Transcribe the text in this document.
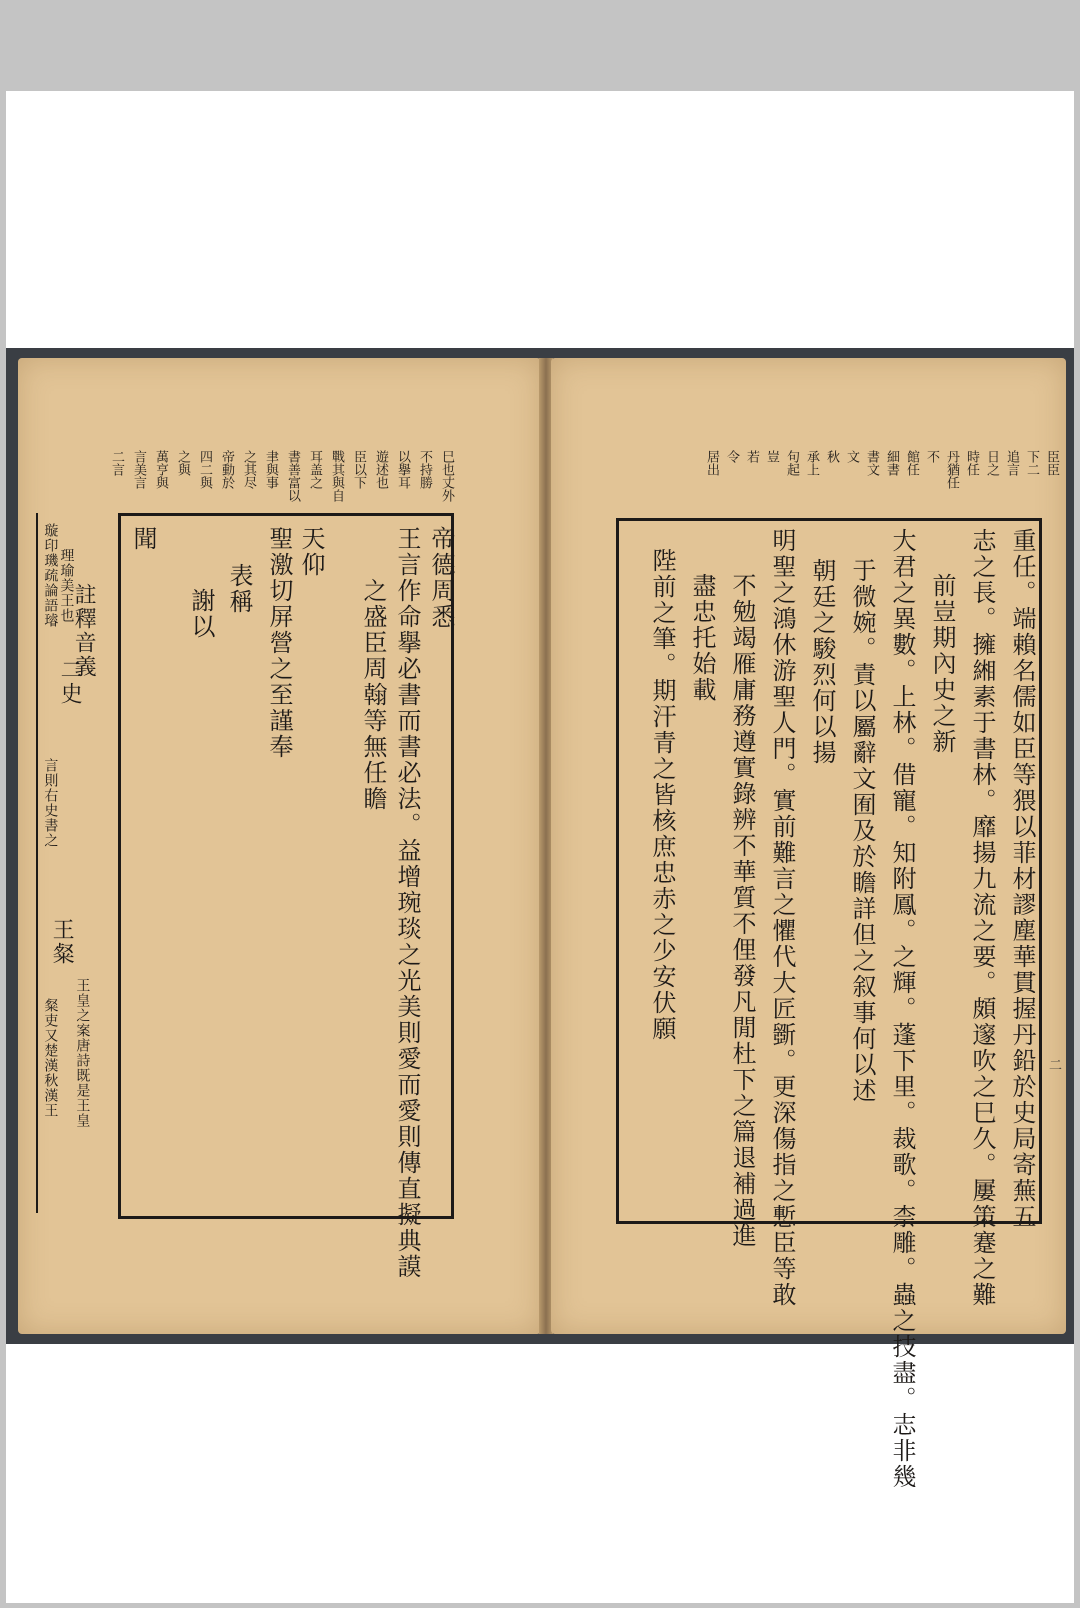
巳也丈外
不持勝
以擧耳
遊述也
臣以下
戰其與自
耳盖之
書善富以
聿與事
之其尽
帝動於
四二與
之與
萬亨與
言美言
二言
帝德周悉
王言作命擧必書而書必法。益增琬琰之光美則愛而愛則傳直擬典謨
之盛臣周翰等無任瞻
天仰
聖激切屏營之至謹奉
表稱
謝以
聞
註釋音義
璇印璣疏論語璿 理瑜美王也
二史
言則右史書之
王粲
王皇之案唐詩既是王皇
粲吏又楚漢秋漢王
臣臣
下二
追言
日之
時任
丹猶任
不
館任
細書
書文
文
秋
承上
句起
豈
若
令
居出
重任。端賴名儒如臣等猥以菲材謬塵華貫握丹鉛於史局寄蕪五
志之長。擁緗素于書林。靡揚九流之要。頗邃吹之巳久。屢策蹇之難
前豈期內史之新
大君之異數。上林。借寵。知附鳳。之輝。蓬下里。裁歌。柰雕。蟲之技盡。志非幾
于微婉。責以屬辭文囿及於瞻詳但之叙事何以述
朝廷之駿烈何以揚
明聖之鴻休游聖人門。實前難言之懼代大匠斵。更深傷指之慙臣等敢
不勉竭雁庸務遵實錄辨不華質不俚發凡閒杜下之篇退補過進
盡忠托始載
陛前之筆。期汗青之皆核庶忠赤之少安伏願
二
